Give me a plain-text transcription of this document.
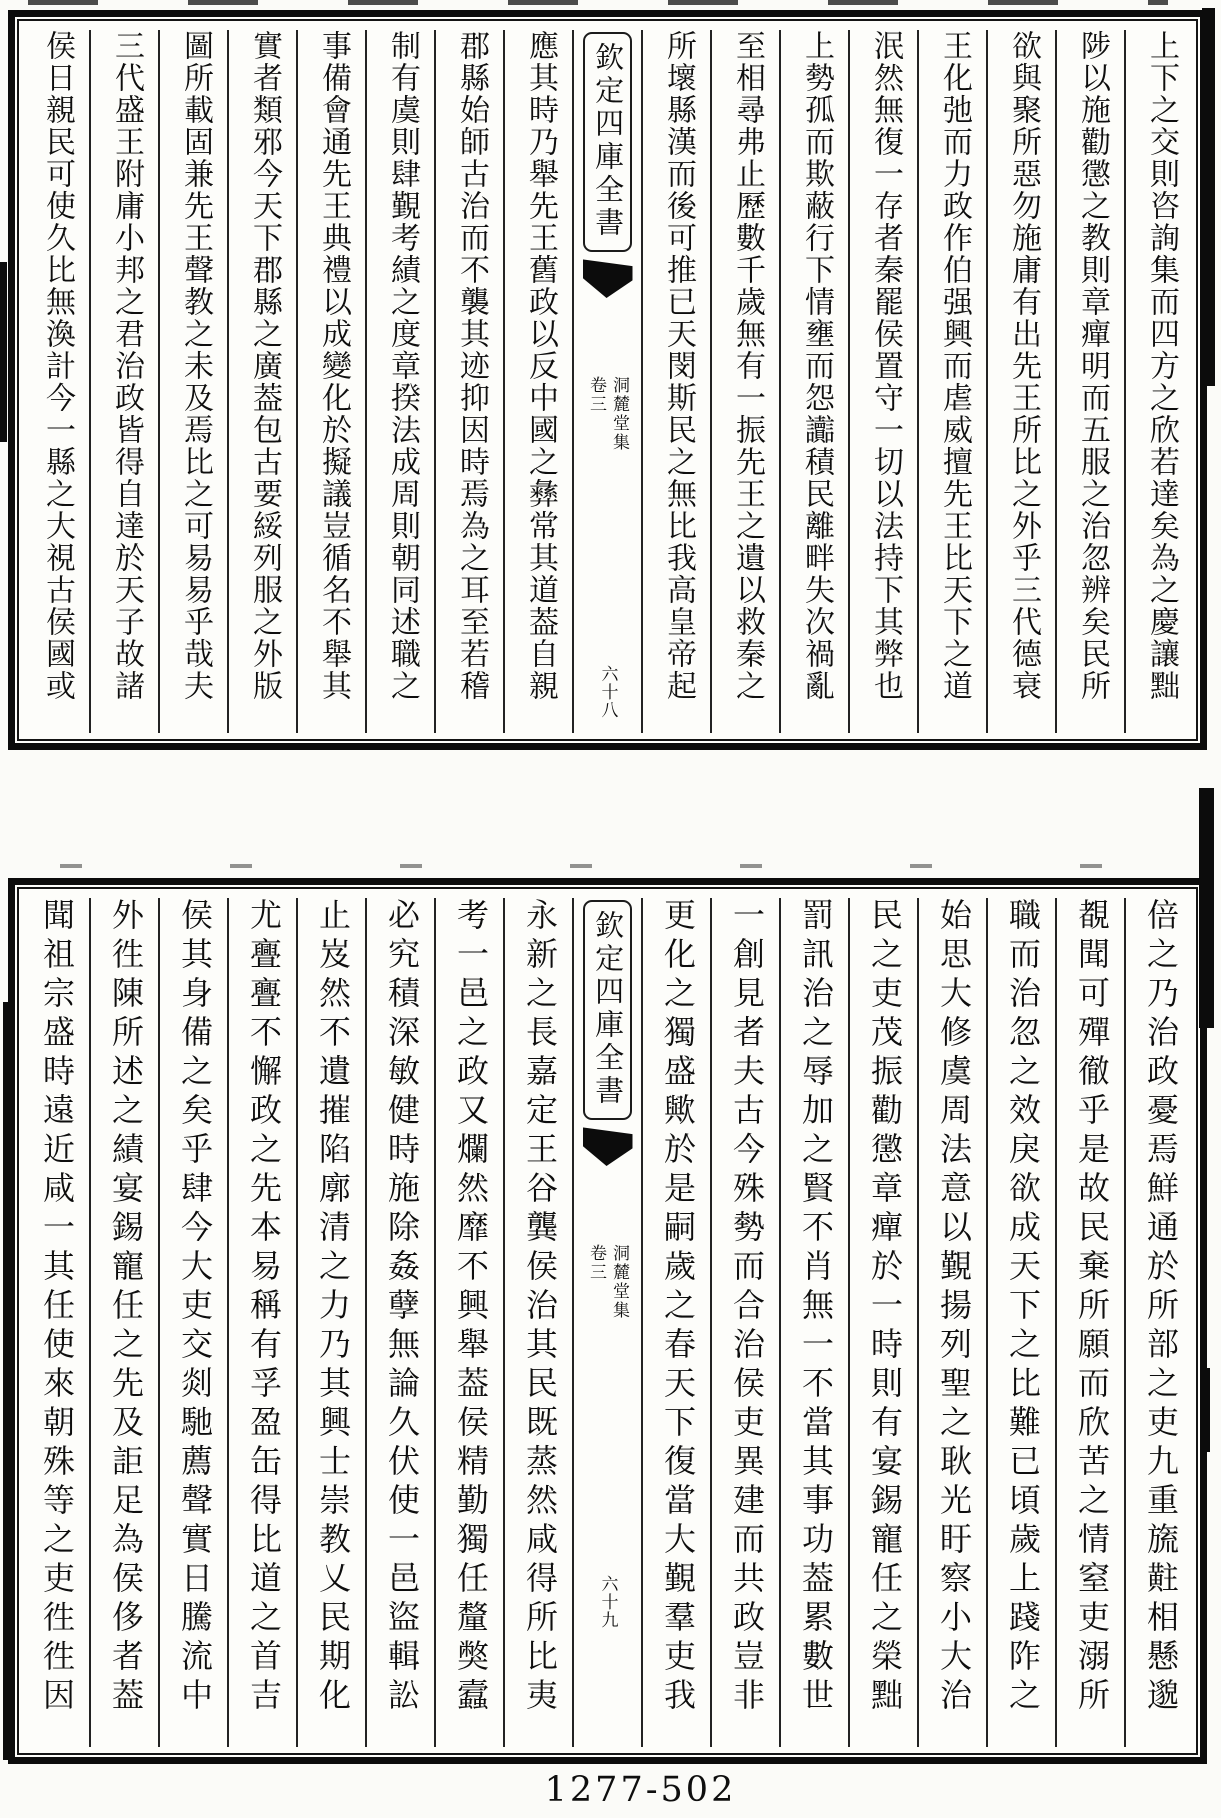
上下之交則咨詢集而四方之欣若達矣為之慶讓黜
陟以施勸懲之教則章癉明而五服之治忽辨矣民所
欲與聚所惡勿施庸有出先王所比之外乎三代德衰
王化弛而力政作伯强興而虐威擅先王比天下之道
泯然無復一存者秦罷侯置守一切以法持下其弊也
上勢孤而欺蔽行下情壅而怨讟積民離畔失次禍亂
至相尋弗止歷數千歲無有一振先王之遺以救秦之
所壞縣漢而後可推已天閔斯民之無比我高皇帝起
欽定四庫全書
卷三 洞麓堂集
六十八
應其時乃舉先王舊政以反中國之彝常其道葢自親
郡縣始師古治而不襲其迹抑因時焉為之耳至若稽
制有虞則肆覲考績之度章揆法成周則朝同述職之
事備會通先王典禮以成變化於擬議豈循名不舉其
實者類邪今天下郡縣之廣葢包古要綏列服之外版
圖所載固兼先王聲教之未及焉比之可易易乎哉夫
三代盛王附庸小邦之君治政皆得自達於天子故諸
侯日親民可使久比無渙計今一縣之大視古侯國或
倍之乃治政憂焉鮮通於所部之吏九重旒黈相懸邈
覩聞可殫徹乎是故民棄所願而欣苦之情窒吏溺所
職而治忽之效戾欲成天下之比難已頃歲上踐阼之
始思大修虞周法意以覲揚列聖之耿光盱察小大治
民之吏茂振勸懲章癉於一時則有宴錫寵任之榮黜
罰訊治之辱加之賢不肖無一不當其事功葢累數世
一創見者夫古今殊勢而合治侯吏異建而共政豈非
更化之獨盛歟於是嗣歲之春天下復當大覲羣吏我
欽定四庫全書
卷三 洞麓堂集
六十九
永新之長嘉定王谷龔侯治其民既蒸然咸得所比夷
考一邑之政又爛然靡不興舉葢侯精勤獨任釐獘蠧
必究積深敏健時施除姦孽無論久伏使一邑盜輯訟
止岌然不遺摧陷廓清之力乃其興士崇教乂民期化
尤亹亹不懈政之先本易稱有孚盈缶得比道之首吉
侯其身備之矣乎肆今大吏交剡馳薦聲實日騰流中
外徃陳所述之績宴錫寵任之先及詎足為侯侈者葢
聞祖宗盛時遠近咸一其任使來朝殊等之吏徃徃因
1277-502
